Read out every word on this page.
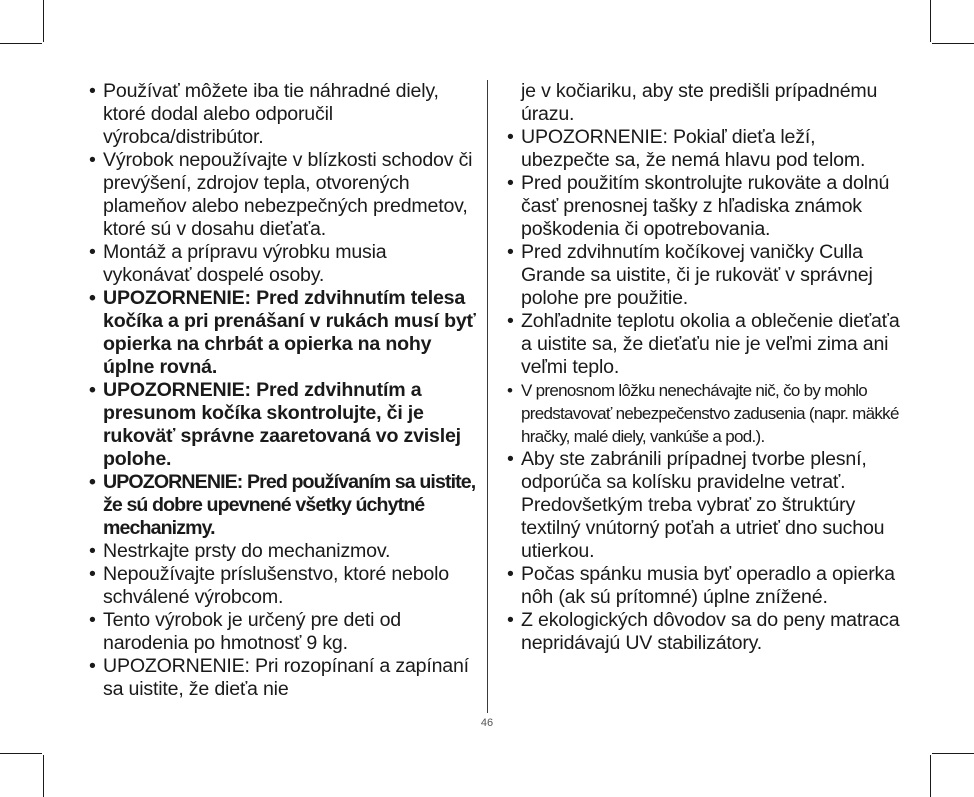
• Používať môžete iba tie náhradné diely, ktoré dodal alebo odporučil výrobca/distribútor.
• Výrobok nepoužívajte v blízkosti schodov či prevýšení, zdrojov tepla, otvorených plameňov alebo nebezpečných predmetov, ktoré sú v dosahu dieťaťa.
• Montáž a prípravu výrobku musia vykonávať dospelé osoby.
• UPOZORNENIE: Pred zdvihnutím telesa kočíka a pri prenášaní v rukách musí byť opierka na chrbát a opierka na nohy úplne rovná.
• UPOZORNENIE: Pred zdvihnutím a presunom kočíka skontrolujte, či je rukoväť správne zaaretovaná vo zvislej polohe.
• UPOZORNENIE: Pred používaním sa uistite, že sú dobre upevnené všetky úchytné mechanizmy.
• Nestrkajte prsty do mechanizmov.
• Nepoužívajte príslušenstvo, ktoré nebolo schválené výrobcom.
• Tento výrobok je určený pre deti od narodenia po hmotnosť 9 kg.
• UPOZORNENIE: Pri rozopínaní a zapínaní sa uistite, že dieťa nie
je v kočiariku, aby ste predišli prípadnému úrazu.
• UPOZORNENIE: Pokiaľ dieťa leží, ubezpečte sa, že nemá hlavu pod telom.
• Pred použitím skontrolujte rukoväte a dolnú časť prenosnej tašky z hľadiska známok poškodenia či opotrebovania.
• Pred zdvihnutím kočíkovej vaničky Culla Grande sa uistite, či je rukoväť v správnej polohe pre použitie.
• Zohľadnite teplotu okolia a oblečenie dieťaťa a uistite sa, že dieťaťu nie je veľmi zima ani veľmi teplo.
• V prenosnom lôžku nenechávajte nič, čo by mohlo predstavovať nebezpečenstvo zadusenia (napr. mäkké hračky, malé diely, vankúše a pod.).
• Aby ste zabránili prípadnej tvorbe plesní, odporúča sa kolísku pravidelne vetrať. Predovšetkým treba vybrať zo štruktúry textilný vnútorný poťah a utrieť dno suchou utierkou.
• Počas spánku musia byť operadlo a opierka nôh (ak sú prítomné) úplne znížené.
• Z ekologických dôvodov sa do peny matraca nepridávajú UV stabilizátory.
46
